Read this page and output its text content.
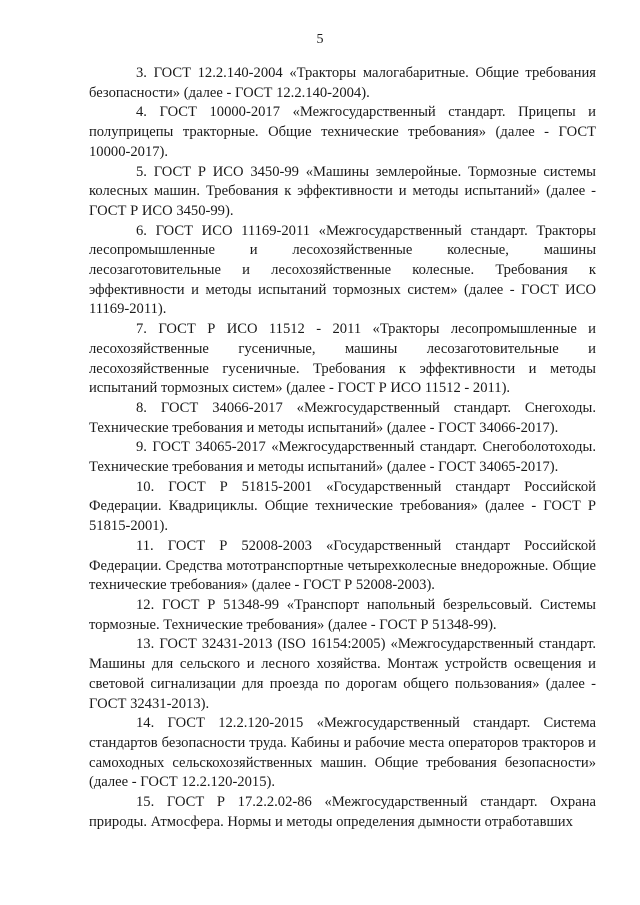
5

3. ГОСТ 12.2.140-2004 «Тракторы малогабаритные. Общие требования безопасности» (далее - ГОСТ 12.2.140-2004).

4. ГОСТ 10000-2017 «Межгосударственный стандарт. Прицепы и полуприцепы тракторные. Общие технические требования» (далее - ГОСТ 10000-2017).

5. ГОСТ Р ИСО 3450-99 «Машины землеройные. Тормозные системы колесных машин. Требования к эффективности и методы испытаний» (далее - ГОСТ Р ИСО 3450-99).

6. ГОСТ ИСО 11169-2011 «Межгосударственный стандарт. Тракторы лесопромышленные и лесохозяйственные колесные, машины лесозаготовительные и лесохозяйственные колесные. Требования к эффективности и методы испытаний тормозных систем» (далее - ГОСТ ИСО 11169-2011).

7. ГОСТ Р ИСО 11512 - 2011 «Тракторы лесопромышленные и лесохозяйственные гусеничные, машины лесозаготовительные и лесохозяйственные гусеничные. Требования к эффективности и методы испытаний тормозных систем» (далее - ГОСТ Р ИСО 11512 - 2011).

8. ГОСТ 34066-2017 «Межгосударственный стандарт. Снегоходы. Технические требования и методы испытаний» (далее - ГОСТ 34066-2017).

9. ГОСТ 34065-2017 «Межгосударственный стандарт. Снегоболотоходы. Технические требования и методы испытаний» (далее - ГОСТ 34065-2017).

10. ГОСТ Р 51815-2001 «Государственный стандарт Российской Федерации. Квадрициклы. Общие технические требования» (далее - ГОСТ Р 51815-2001).

11. ГОСТ Р 52008-2003 «Государственный стандарт Российской Федерации. Средства мототранспортные четырехколесные внедорожные. Общие технические требования» (далее - ГОСТ Р 52008-2003).

12. ГОСТ Р 51348-99 «Транспорт напольный безрельсовый. Системы тормозные. Технические требования» (далее - ГОСТ Р 51348-99).

13. ГОСТ 32431-2013 (ISO 16154:2005) «Межгосударственный стандарт. Машины для сельского и лесного хозяйства. Монтаж устройств освещения и световой сигнализации для проезда по дорогам общего пользования» (далее - ГОСТ 32431-2013).

14. ГОСТ 12.2.120-2015 «Межгосударственный стандарт. Система стандартов безопасности труда. Кабины и рабочие места операторов тракторов и самоходных сельскохозяйственных машин. Общие требования безопасности» (далее - ГОСТ 12.2.120-2015).

15. ГОСТ Р 17.2.2.02-86 «Межгосударственный стандарт. Охрана природы. Атмосфера. Нормы и методы определения дымности отработавших
